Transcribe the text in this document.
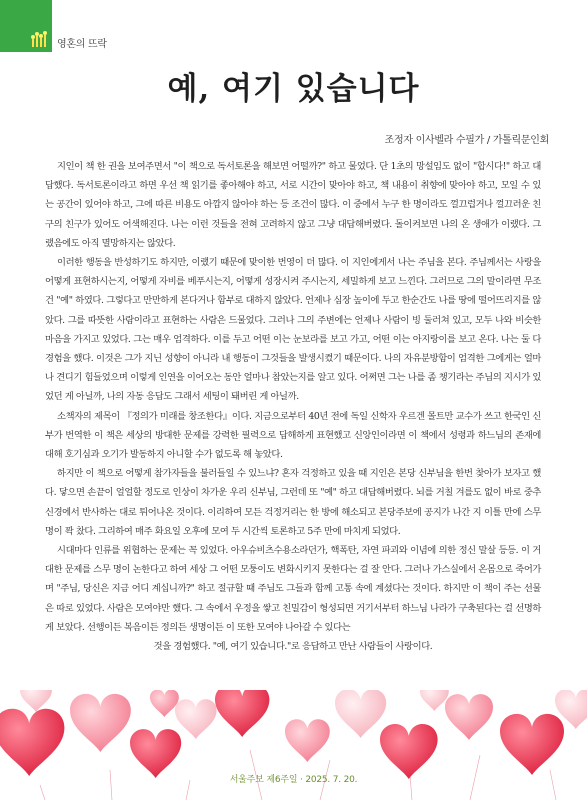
영혼의 뜨락
예, 여기 있습니다
조정자 이사벨라 수필가 / 가톨릭문인회

지인이 책 한 권을 보여주면서 "이 책으로 독서토론을 해보면 어떨까?" 하고 물었다. 단 1초의 망설임도 없이 "합시다!" 하고 대답했다. 독서토론이라고 하면 우선 책 읽기를 좋아해야 하고, 서로 시간이 맞아야 하고, 책 내용이 취향에 맞아야 하고, 모일 수 있는 공간이 있어야 하고, 그에 따른 비용도 아깝지 않아야 하는 등 조건이 많다. 이 중에서 누구 한 명이라도 껄끄럽거나 껄끄러운 친구의 친구가 있어도 어색해진다. 나는 이런 것들을 전혀 고려하지 않고 그냥 대답해버렸다. 돌이켜보면 나의 온 생애가 이랬다. 그랬음에도 아직 멸망하지는 않았다.

이러한 행동을 반성하기도 하지만, 이랬기 때문에 맞이한 번영이 더 많다. 이 지인에게서 나는 주님을 본다. 주님께서는 사랑을 어떻게 표현하시는지, 어떻게 자비를 베푸시는지, 어떻게 성장시켜 주시는지, 세밀하게 보고 느낀다. 그러므로 그의 말이라면 무조건 "예" 하였다. 그렇다고 만만하게 본다거나 함부로 대하지 않았다. 언제나 심장 높이에 두고 한순간도 나를 땅에 떨어뜨리지를 않았다. 그를 따뜻한 사람이라고 표현하는 사람은 드물었다. 그러나 그의 주변에는 언제나 사람이 빙 둘러쳐 있고, 모두 나와 비슷한 마음을 가지고 있었다. 그는 매우 엄격하다. 이를 두고 어떤 이는 눈보라를 보고 가고, 어떤 이는 아지랑이를 보고 온다. 나는 둘 다 경험을 했다. 이것은 그가 지닌 성향이 아니라 내 행동이 그것들을 발생시켰기 때문이다. 나의 자유분방함이 엄격한 그에게는 얼마나 견디기 힘들었으며 이렇게 인연을 이어오는 동안 얼마나 참았는지를 알고 있다. 어쩌면 그는 나를 좀 챙기라는 주님의 지시가 있었던 게 아닐까, 나의 자동 응답도 그래서 세팅이 돼버린 게 아닐까.

소책자의 제목이 『정의가 미래를 창조한다』이다. 지금으로부터 40년 전에 독일 신학자 우르겐 몰트만 교수가 쓰고 한국인 신부가 번역한 이 책은 세상의 방대한 문제를 강력한 필력으로 답해하게 표현했고 신앙인이라면 이 책에서 성령과 하느님의 존재에 대해 호기심과 오기가 발동하지 아니할 수가 없도록 해 놓았다.

하지만 이 책으로 어떻게 참가자들을 불러들일 수 있느냐? 혼자 걱정하고 있을 때 지인은 본당 신부님을 한번 찾아가 보자고 했다. 닿으면 손끝이 얼얼할 정도로 인상이 차가운 우리 신부님, 그런데 또 "예" 하고 대답해버렸다. 뇌를 거칠 겨를도 없이 바로 중추신경에서 반사하는 대로 튀어나온 것이다. 이리하여 모든 걱정거리는 한 방에 해소되고 본당주보에 공지가 나간 지 이틀 만에 스무 명이 꽉 찼다. 그리하여 매주 화요일 오후에 모여 두 시간씩 토론하고 5주 만에 마치게 되었다.

시대마다 인류를 위협하는 문제는 꼭 있었다. 아우슈비츠수용소라던가, 핵폭탄, 자연 파괴와 이념에 의한 정신 말살 등등. 이 거대한 문제를 스무 명이 논한다고 하여 세상 그 어떤 모퉁이도 변화시키지 못한다는 걸 잘 안다. 그러나 가스실에서 온몸으로 죽어가며 "주님, 당신은 지금 어디 계십니까?" 하고 절규할 때 주님도 그들과 함께 고통 속에 계셨다는 것이다. 하지만 이 책이 주는 선물은 따로 있었다. 사람은 모여야만 했다. 그 속에서 우정을 쌓고 친밀감이 형성되면 거기서부터 하느님 나라가 구축된다는 걸 선명하게 보았다. 선행이든 복음이든 정의든 생명이든 이 또한 모여야 나아갈 수 있다는

것을 경험했다. "예, 여기 있습니다."로 응답하고 만난 사람들이 사랑이다.

서울주보 제6주일 · 2025. 7. 20.
